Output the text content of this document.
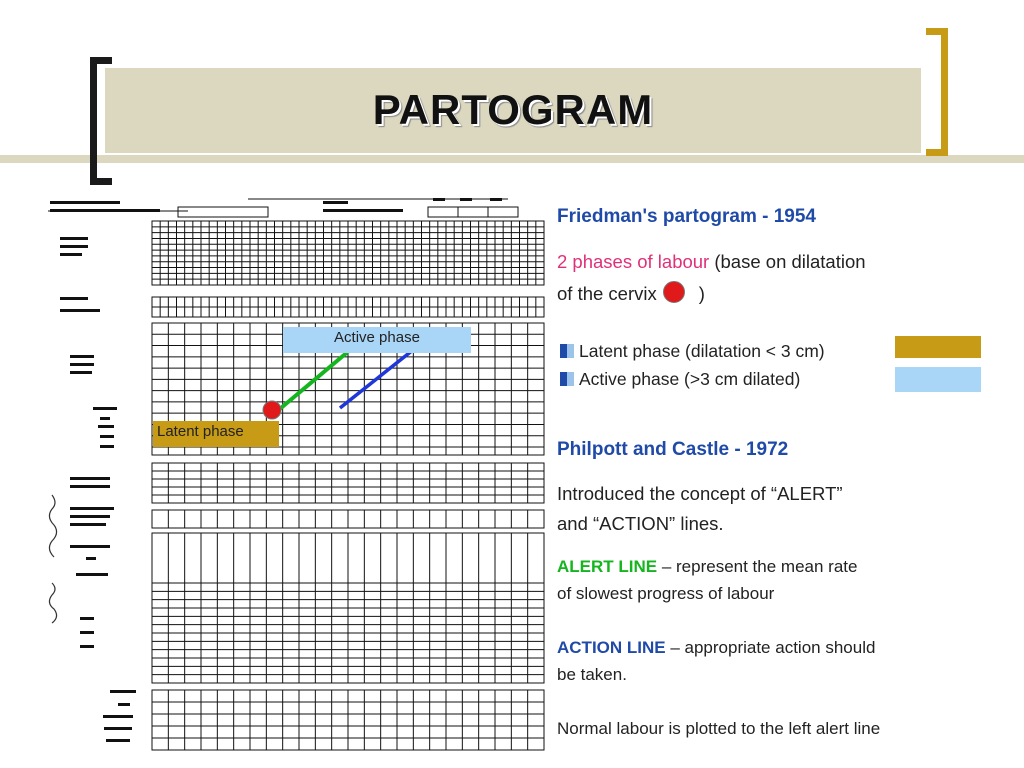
PARTOGRAM
Active phase
Latent phase
Friedman's partogram - 1954
2 phases of labour (base on dilatation
of the cervix )
Latent phase (dilatation < 3 cm)
Active phase (>3 cm dilated)
Philpott and Castle - 1972
Introduced the concept of “ALERT”
and “ACTION” lines.
ALERT LINE – represent the mean rate
of slowest progress of labour
ACTION LINE – appropriate action should
be taken.
Normal labour is plotted to the left alert line
